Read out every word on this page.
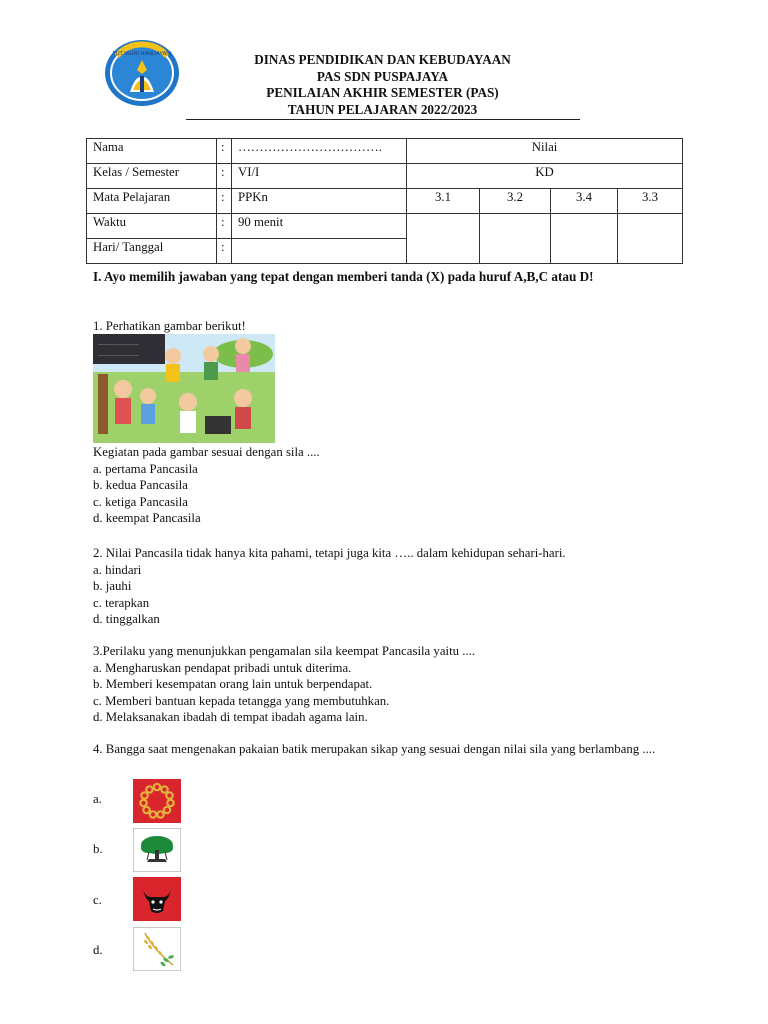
TUT WURI HANDAYANI	DINAS PENDIDIKAN DAN KEBUDAYAAN
PAS SDN PUSPAJAYA
PENILAIAN AKHIR SEMESTER (PAS)
TAHUN PELAJARAN 2022/2023
Nama	:	…………………………….	Nilai			
Kelas / Semester	:	VI/I	KD			
Mata Pelajaran	:	PPKn	3.1	3.2	3.4	3.3
Waktu	:	90 menit				
Hari/ Tanggal	:					
I. Ayo memilih jawaban yang tepat dengan memberi tanda (X) pada huruf A,B,C atau D!
1. Perhatikan gambar berikut!
~~~~~~~~~~
~~~~~~~~~~
Kegiatan pada gambar sesuai dengan sila ....
a. pertama Pancasila
b. kedua Pancasila
c. ketiga Pancasila
d. keempat Pancasila
2. Nilai Pancasila tidak hanya kita pahami, tetapi juga kita ….. dalam kehidupan sehari-hari.
a. hindari
b. jauhi
c. terapkan
d. tinggalkan
3.Perilaku yang menunjukkan pengamalan sila keempat Pancasila yaitu ....
a. Mengharuskan pendapat pribadi untuk diterima.
b. Memberi kesempatan orang lain untuk berpendapat.
c. Memberi bantuan kepada tetangga yang membutuhkan.
d. Melaksanakan ibadah di tempat ibadah agama lain.
4. Bangga saat mengenakan pakaian batik merupakan sikap yang sesuai dengan nilai sila yang berlambang ....
a.
b.
c.
d.
